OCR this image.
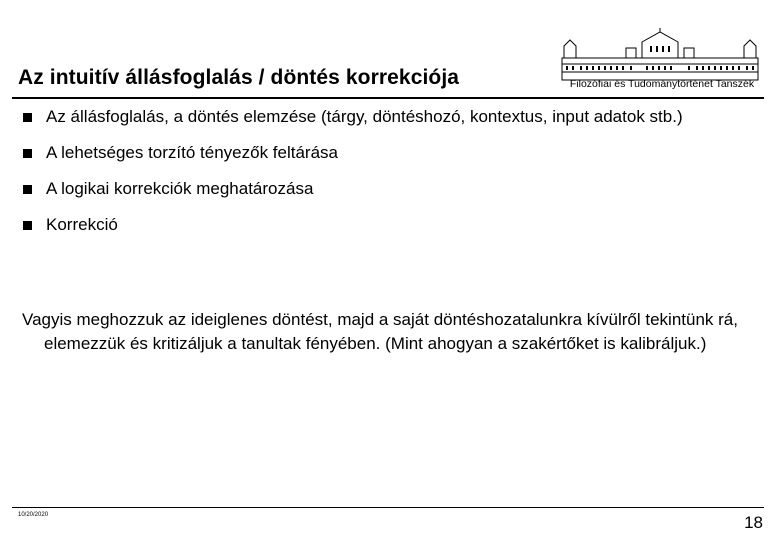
Az intuitív állásfoglalás / döntés korrekciója	Filozófiai és Tudománytörténet Tanszék
Az állásfoglalás, a döntés elemzése (tárgy, döntéshozó, kontextus, input adatok stb.)
A lehetséges torzító tényezők feltárása
A logikai korrekciók meghatározása
Korrekció
Vagyis meghozzuk az ideiglenes döntést, majd a saját döntéshozatalunkra kívülről tekintünk rá, elemezzük és kritizáljuk a tanultak fényében. (Mint ahogyan a szakértőket is kalibráljuk.)
10/20/2020	18
